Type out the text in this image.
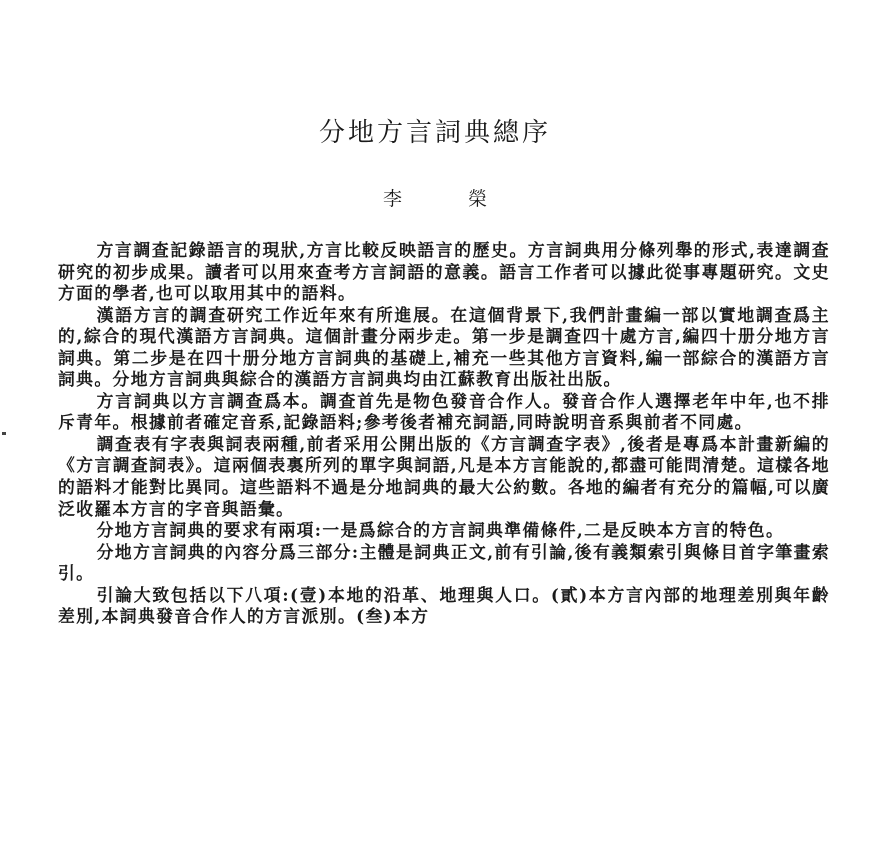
分地方言詞典總序
李 榮

方言調查記錄語言的現狀,方言比較反映語言的歷史。方言詞典用分條列舉的形式,表達調查研究的初步成果。讀者可以用來查考方言詞語的意義。語言工作者可以據此從事專題研究。文史方面的學者,也可以取用其中的語料。

漢語方言的調查研究工作近年來有所進展。在這個背景下,我們計畫編一部以實地調查爲主的,綜合的現代漢語方言詞典。這個計畫分兩步走。第一步是調查四十處方言,編四十册分地方言詞典。第二步是在四十册分地方言詞典的基礎上,補充一些其他方言資料,編一部綜合的漢語方言詞典。分地方言詞典與綜合的漢語方言詞典均由江蘇教育出版社出版。

方言詞典以方言調查爲本。調查首先是物色發音合作人。發音合作人選擇老年中年,也不排斥青年。根據前者確定音系,記錄語料;參考後者補充詞語,同時說明音系與前者不同處。

調查表有字表與詞表兩種,前者采用公開出版的《方言調查字表》,後者是專爲本計畫新編的《方言調查詞表》。這兩個表裏所列的單字與詞語,凡是本方言能說的,都盡可能問清楚。這樣各地的語料才能對比異同。這些語料不過是分地詞典的最大公約數。各地的編者有充分的篇幅,可以廣泛收羅本方言的字音與語彙。

分地方言詞典的要求有兩項:一是爲綜合的方言詞典準備條件,二是反映本方言的特色。

分地方言詞典的內容分爲三部分:主體是詞典正文,前有引論,後有義類索引與條目首字筆畫索引。

引論大致包括以下八項:(壹)本地的沿革、地理與人口。(貳)本方言內部的地理差別與年齡差別,本詞典發音合作人的方言派別。(叁)本方
